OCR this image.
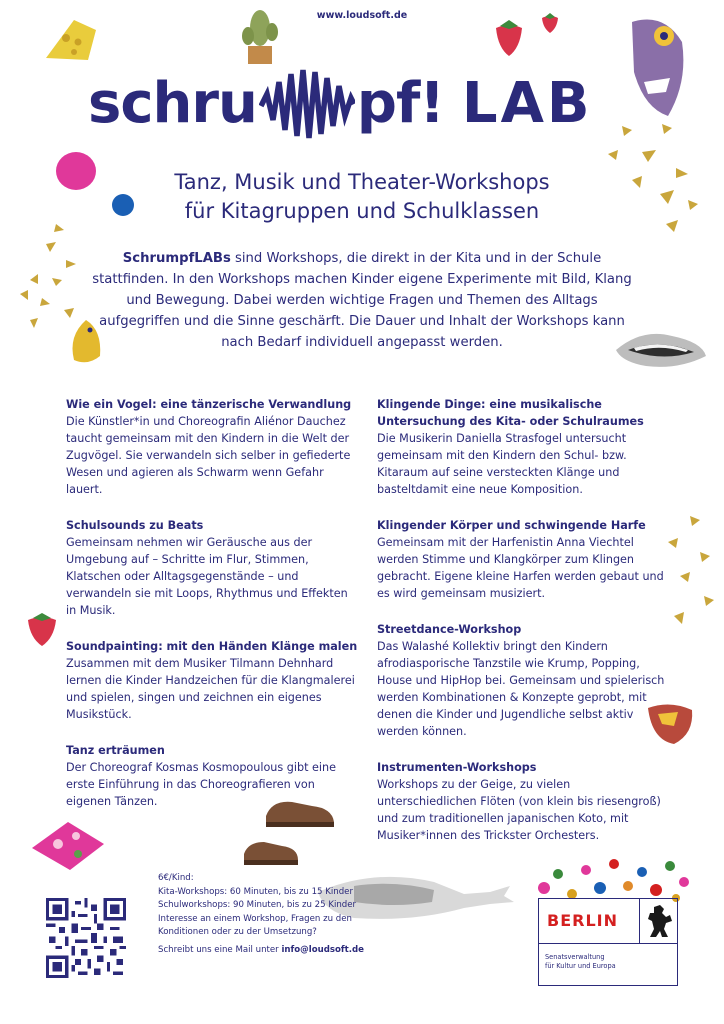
www.loudsoft.de
schru pf! LAB
Tanz, Musik und Theater-Workshops
für Kitagruppen und Schulklassen
SchrumpfLABs sind Workshops, die direkt in der Kita und in der Schule stattfinden. In den Workshops machen Kinder eigene Experimente mit Bild, Klang und Bewegung. Dabei werden wichtige Fragen und Themen des Alltags aufgegriffen und die Sinne geschärft. Die Dauer und Inhalt der Workshops kann nach Bedarf individuell angepasst werden.
Wie ein Vogel: eine tänzerische Verwandlung

Die Künstler*in und Choreografin Aliénor Dauchez taucht gemeinsam mit den Kindern in die Welt der Zugvögel. Sie verwandeln sich selber in gefiederte Wesen und agieren als Schwarm wenn Gefahr lauert.

Schulsounds zu Beats

Gemeinsam nehmen wir Geräusche aus der Umgebung auf – Schritte im Flur, Stimmen, Klatschen oder Alltagsgegenstände – und verwandeln sie mit Loops, Rhythmus und Effekten in Musik.

Soundpainting: mit den Händen Klänge malen

Zusammen mit dem Musiker Tilmann Dehnhard lernen die Kinder Handzeichen für die Klangmalerei und spielen, singen und zeichnen ein eigenes Musikstück.

Tanz erträumen

Der Choreograf Kosmas Kosmopoulous gibt eine erste Einführung in das Choreografieren von eigenen Tänzen.

Klingende Dinge: eine musikalische Untersuchung des Kita- oder Schulraumes

Die Musikerin Daniella Strasfogel untersucht gemeinsam mit den Kindern den Schul- bzw. Kitaraum auf seine versteckten Klänge und basteltdamit eine neue Komposition.

Klingender Körper und schwingende Harfe

Gemeinsam mit der Harfenistin Anna Viechtel werden Stimme und Klangkörper zum Klingen gebracht. Eigene kleine Harfen werden gebaut und es wird gemeinsam musiziert.

Streetdance-Workshop

Das Walashé Kollektiv bringt den Kindern afrodiasporische Tanzstile wie Krump, Popping, House und HipHop bei. Gemeinsam und spielerisch werden Kombinationen & Konzepte geprobt, mit denen die Kinder und Jugendliche selbst aktiv werden können.

Instrumenten-Workshops

Workshops zu der Geige, zu vielen unterschiedlichen Flöten (von klein bis riesengroß) und zum traditionellen japanischen Koto, mit Musiker*innen des Trickster Orchesters.

6€/Kind:
Kita-Workshops: 60 Minuten, bis zu 15 Kinder
Schulworkshops: 90 Minuten, bis zu 25 Kinder
Interesse an einem Workshop, Fragen zu den
Konditionen oder zu der Umsetzung?
Schreibt uns eine Mail unter info@loudsoft.de
BERLIN
Senatsverwaltung
für Kultur und Europa
